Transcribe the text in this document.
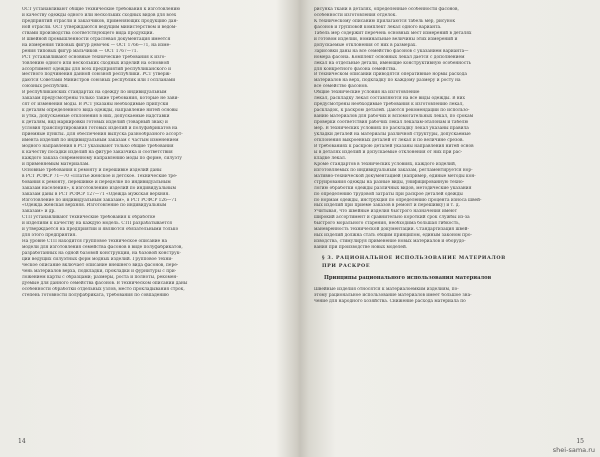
ОСТ устанавливают общие технические требования к изготовлению
и качеству одежды одного или нескольких сходных видов для всех
предприятий отрасли и заказчиков, применяющих продукцию дан-
ной отрасли. ОСТ утверждаются ведущим министерством и ведом-
ствами производства соответствующего вида продукции.
В швейной промышленности отраслевая документация имеется
на измерения типовых фигур девочек — ОСТ 1766—71, на изме-
рения типовых фигур мальчиков — ОСТ 1767—71.
РСТ устанавливают основные технические требования к изго-
товлению одного или нескольких сходных изделий на основной
ассортимент одежды для всех предприятий республиканского и
местного подчинения данной союзной республики. РСТ утверж-
даются Советами Министров союзных республик или Госпланами
союзных республик.
В республиканских стандартах на одежду по индивидуальным
заказам предусмотрены только такие требования, которые не зави-
сят от изменения моды. В РСТ указаны необходимые припуски
к деталям определенного вида одежды, направление нитей основы
и утка, допускаемые отклонения в них, допускаемые надставки
к деталям, вид маркировки готовых изделий (товарный знак) и
условия транспортирования готовых изделий и полуфабрикатов на
приемные пункты. Для обеспечения выпуска разнообразного ассорт-
имента изделий по индивидуальным заказам с частым изменением
модного направления в РСТ указывают только общие требования
к качеству посадки изделий на фигуре заказчика и соответствия
каждого заказа современному направлению моды по форме, силуэту
и применяемым материалам.
Основные требования к ремонту и перешивке изделий даны
в РСТ РСФСР 71—70 «Платье женское и детское. Технические тре-
бования к ремонту, перешивке и переделке по индивидуальным
заказам населения», к изготовлению изделий по индивидуальным
заказам даны в РСТ РСФСР 127—71 «Одежда мужская верхняя.
Изготовление по индивидуальным заказам», в РСТ РСФСР 126—71
«Одежда женская верхняя. Изготовление по индивидуальным
заказам» и др.
СТП устанавливают технические требования к обработке
и изделиям к качеству на каждую модель. СТП разрабатывается
и утверждается на предприятии и являются обязательными только
для этого предприятия.
На уровне СТП находится групповое техническое описание на
модели для изготовления семейства фасонов в виде полуфабрикатов,
разработанных на одной базовой конструкции, на базовой конструк-
ции ведущих силуэтных форм модных изделий. Групповое техни-
ческое описание включает описание внешнего вида фасонов, пере-
чень материалов верха, подкладки, прокладки и фурнитуры с при-
ложением карты с образцами; размеры, роста и полноты, рекомен-
дуемые для данного семейства фасонов. В техническом описании даны
особенности обработки отдельных узлов, место прокладывания строк,
степень готовности полуфабриката, требования по совпадению
14
рисунка ткани в деталях, определенные особенности фасонов,
особенности изготовления отделок.
К техническому описанию прилагаются табель мер, рисунок
фасонов и групповой комплект лекал одного варианта.
Табель мер содержит перечень основных мест измерений в деталях
и готовом изделии, номинальные величины этих измерений и
допускаемые отклонения от них в размерах.
Зарисовки даны на все семейство фасонов с указанием варианта—
номера фасона. Комплект основных лекал дается с дополнением
лекал на отдельные детали, имеющие конструктивную особенность
для конкретного фасона семейства.
В техническом описании приводятся оперативные нормы расхода
материалов на верх, подкладку по каждому размеру и росту на
все семейство фасонов.
Общие технические условия на изготовление
лекал, раскладку лекал составляются на все виды одежды. В них
предусмотрены необходимые требования к изготовлению лекал,
раскладок, к раскрою деталей. Даются рекомендации по использо-
ванию материалов для рабочих и вспомогательных лекал, по срокам
проверки соответствия рабочих лекал лекалам-эталонам и табелю
мер. В технических условиях по раскладку лекал указаны правила
укладки деталей на материалы различной структуры, допускаемые
отклонения выкроенных деталей от лекал и по величине срезов.
В требованиях к раскрою деталей указаны направления нитей основ
ы в деталях изделий и допускаемые отклонения от них при рас-
кладке лекал.
Кроме стандартов в технических условиях, каждого изделий,
изготовляемых по индивидуальным заказам, регламентируется нор-
мативно-технической документацией (например, единые методы кон-
струирования одежды на разные виды, унифицированную техно-
логию обработки одежды различных видов, методические указания
по определению трудовой затраты при раскрое деталей одежды
по нормам одежды, инструкция по определению процента износа швей-
ных изделий при приеме заказов в ремонт и перешивку) и т. д.
Учитывая, что швейные изделия быстрого назначения имеют
широкий ассортимент и сравнительно короткий срок службы из-за
быстрого морального старения, необходима большая гибкость,
маневренность технической документации. Стандартизация швей-
ных изделий должна стать общим принципом, единым законом про-
изводства, стимулируя применение новых материалов и оборудо-
вания при производстве новых моделей.
§ 3. РАЦИОНАЛЬНОЕ ИСПОЛЬЗОВАНИЕ МАТЕРИАЛОВ
ПРИ РАСКРОЕ
Принципы рационального использования материалов
Швейные изделия относятся к материалоемким изделиям, по-
этому рациональное использование материалов имеет большое зна-
чение для народного хозяйства. Снижение расхода материала по
15
shei-sama.ru
